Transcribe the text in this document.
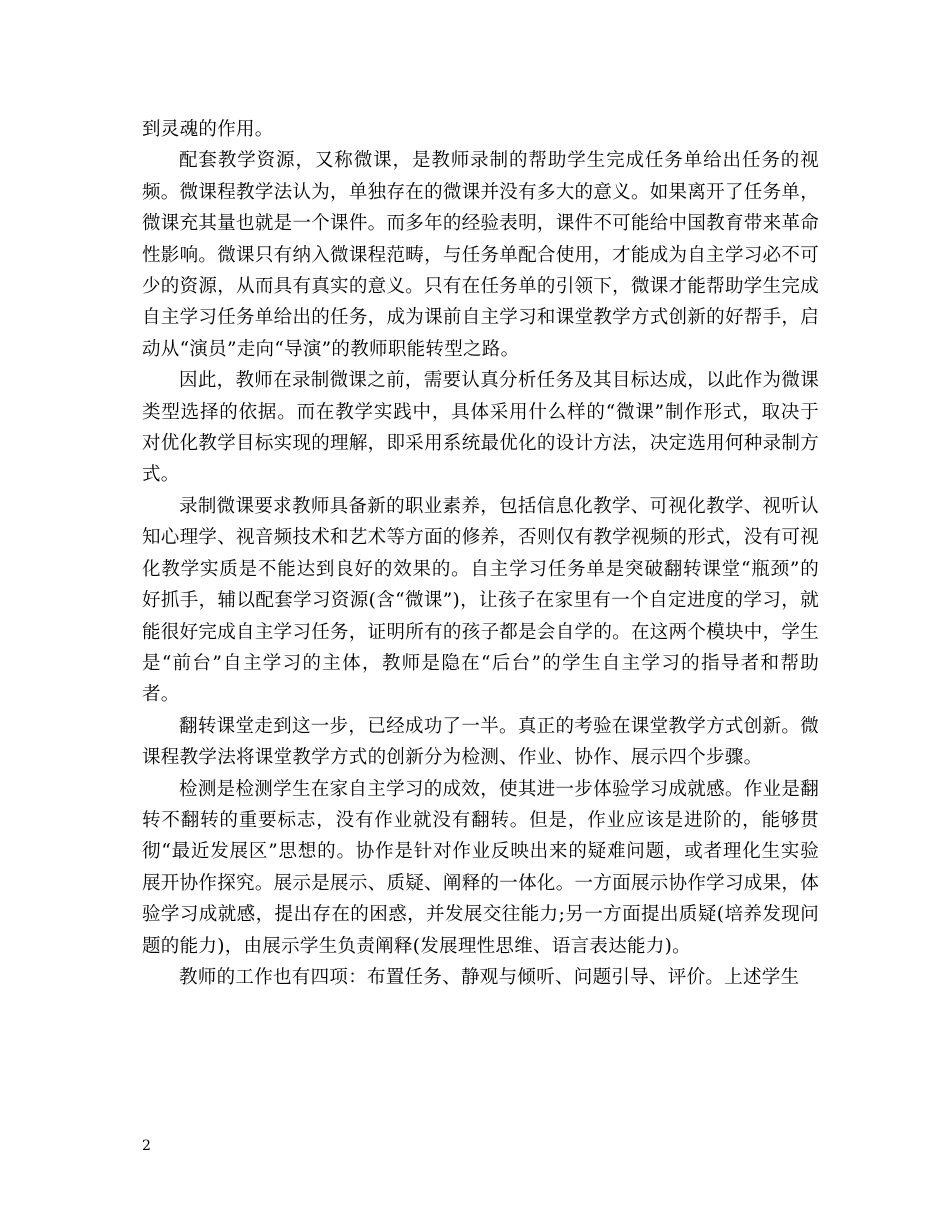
到灵魂的作用。

配套教学资源，又称微课，是教师录制的帮助学生完成任务单给出任务的视频。微课程教学法认为，单独存在的微课并没有多大的意义。如果离开了任务单，微课充其量也就是一个课件。而多年的经验表明，课件不可能给中国教育带来革命性影响。微课只有纳入微课程范畴，与任务单配合使用，才能成为自主学习必不可少的资源，从而具有真实的意义。只有在任务单的引领下，微课才能帮助学生完成自主学习任务单给出的任务，成为课前自主学习和课堂教学方式创新的好帮手，启动从“演员”走向“导演”的教师职能转型之路。

因此，教师在录制微课之前，需要认真分析任务及其目标达成，以此作为微课类型选择的依据。而在教学实践中，具体采用什么样的“微课”制作形式，取决于对优化教学目标实现的理解，即采用系统最优化的设计方法，决定选用何种录制方式。

录制微课要求教师具备新的职业素养，包括信息化教学、可视化教学、视听认知心理学、视音频技术和艺术等方面的修养，否则仅有教学视频的形式，没有可视化教学实质是不能达到良好的效果的。自主学习任务单是突破翻转课堂“瓶颈”的好抓手，辅以配套学习资源(含“微课”)，让孩子在家里有一个自定进度的学习，就能很好完成自主学习任务，证明所有的孩子都是会自学的。在这两个模块中，学生是“前台”自主学习的主体，教师是隐在“后台”的学生自主学习的指导者和帮助者。

翻转课堂走到这一步，已经成功了一半。真正的考验在课堂教学方式创新。微课程教学法将课堂教学方式的创新分为检测、作业、协作、展示四个步骤。

检测是检测学生在家自主学习的成效，使其进一步体验学习成就感。作业是翻转不翻转的重要标志，没有作业就没有翻转。但是，作业应该是进阶的，能够贯彻“最近发展区”思想的。协作是针对作业反映出来的疑难问题，或者理化生实验展开协作探究。展示是展示、质疑、阐释的一体化。一方面展示协作学习成果，体验学习成就感，提出存在的困惑，并发展交往能力;另一方面提出质疑(培养发现问题的能力)，由展示学生负责阐释(发展理性思维、语言表达能力)。

教师的工作也有四项：布置任务、静观与倾听、问题引导、评价。上述学生

2
